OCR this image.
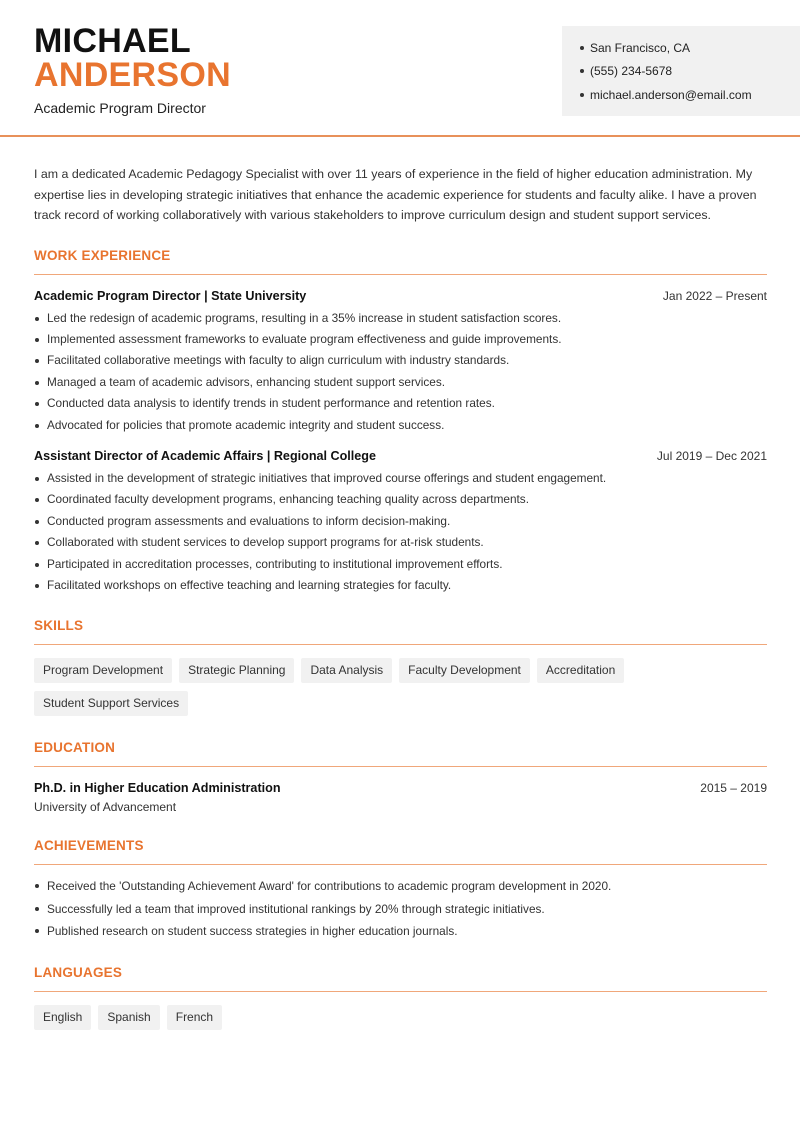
MICHAEL
ANDERSON
Academic Program Director
San Francisco, CA
(555) 234-5678
michael.anderson@email.com

I am a dedicated Academic Pedagogy Specialist with over 11 years of experience in the field of higher education administration. My expertise lies in developing strategic initiatives that enhance the academic experience for students and faculty alike. I have a proven track record of working collaboratively with various stakeholders to improve curriculum design and student support services.

WORK EXPERIENCE
Academic Program Director | State University	Jan 2022 – Present
Led the redesign of academic programs, resulting in a 35% increase in student satisfaction scores.
Implemented assessment frameworks to evaluate program effectiveness and guide improvements.
Facilitated collaborative meetings with faculty to align curriculum with industry standards.
Managed a team of academic advisors, enhancing student support services.
Conducted data analysis to identify trends in student performance and retention rates.
Advocated for policies that promote academic integrity and student success.
Assistant Director of Academic Affairs | Regional College	Jul 2019 – Dec 2021
Assisted in the development of strategic initiatives that improved course offerings and student engagement.
Coordinated faculty development programs, enhancing teaching quality across departments.
Conducted program assessments and evaluations to inform decision-making.
Collaborated with student services to develop support programs for at-risk students.
Participated in accreditation processes, contributing to institutional improvement efforts.
Facilitated workshops on effective teaching and learning strategies for faculty.
SKILLS
Program Development	Strategic Planning	Data Analysis	Faculty Development	Accreditation
Student Support Services
EDUCATION
Ph.D. in Higher Education Administration	2015 – 2019
University of Advancement
ACHIEVEMENTS
Received the 'Outstanding Achievement Award' for contributions to academic program development in 2020.
Successfully led a team that improved institutional rankings by 20% through strategic initiatives.
Published research on student success strategies in higher education journals.
LANGUAGES
English	Spanish	French
